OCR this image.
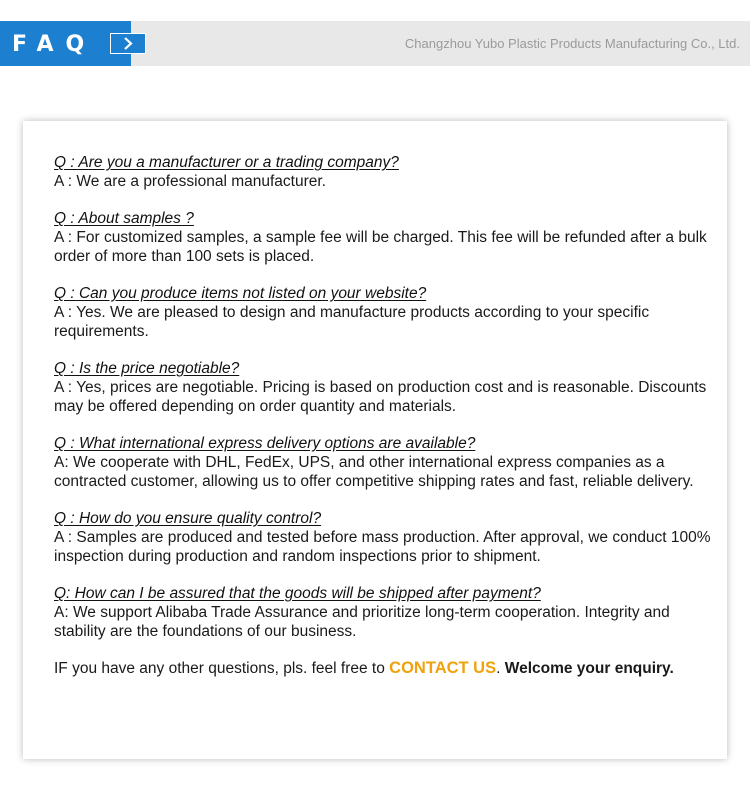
FAQ	Changzhou Yubo Plastic Products Manufacturing Co., Ltd.
Q : Are you a manufacturer or a trading company?

A : We are a professional manufacturer.

Q : About samples ?

A : For customized samples, a sample fee will be charged. This fee will be refunded after a bulk order of more than 100 sets is placed.

Q : Can you produce items not listed on your website?

A : Yes. We are pleased to design and manufacture products according to your specific requirements.

Q : Is the price negotiable?

A : Yes, prices are negotiable. Pricing is based on production cost and is reasonable. Discounts may be offered depending on order quantity and materials.

Q : What international express delivery options are available?

A: We cooperate with DHL, FedEx, UPS, and other international express companies as a contracted customer, allowing us to offer competitive shipping rates and fast, reliable delivery.

Q : How do you ensure quality control?

A : Samples are produced and tested before mass production. After approval, we conduct 100% inspection during production and random inspections prior to shipment.

Q: How can I be assured that the goods will be shipped after payment?

A: We support Alibaba Trade Assurance and prioritize long-term cooperation. Integrity and stability are the foundations of our business.

IF you have any other questions, pls. feel free to CONTACT US. Welcome your enquiry.
